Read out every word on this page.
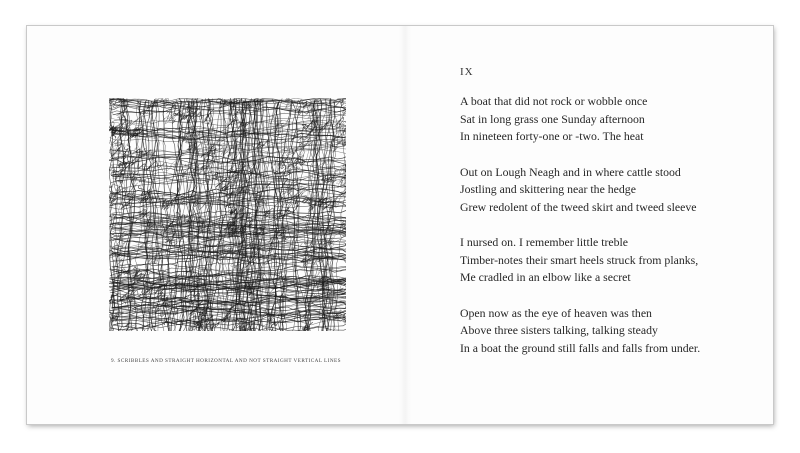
9. SCRIBBLES AND STRAIGHT HORIZONTAL AND NOT STRAIGHT VERTICAL LINES
IX
A boat that did not rock or wobble once
Sat in long grass one Sunday afternoon
In nineteen forty-one or -two. The heat
Out on Lough Neagh and in where cattle stood
Jostling and skittering near the hedge
Grew redolent of the tweed skirt and tweed sleeve
I nursed on. I remember little treble
Timber-notes their smart heels struck from planks,
Me cradled in an elbow like a secret
Open now as the eye of heaven was then
Above three sisters talking, talking steady
In a boat the ground still falls and falls from under.
